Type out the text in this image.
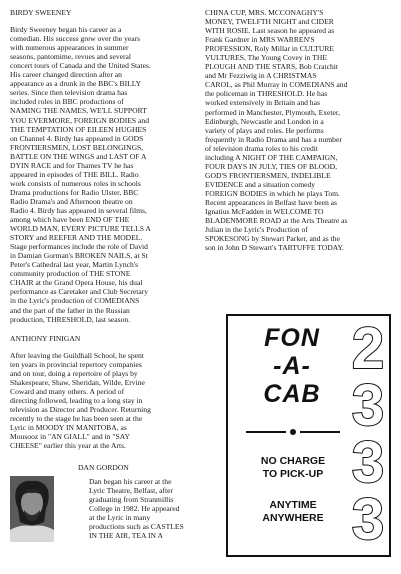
BIRDY SWEENEY

Birdy Sweeney began his career as a

comedian. His success grew over the years

with numerous appearances in summer

seasons, pantomime, revues and several

concert tours of Canada and the United States.

His career changed direction after an

appearance as a drunk in the BBC's BILLY

series. Since then television drama has

included roles in BBC productions of

NAMING THE NAMES, WE'LL SUPPORT

YOU EVERMORE, FOREIGN BODIES and

THE TEMPTATION OF EILEEN HUGHES

on Channel 4. Birdy has appeared in GODS

FRONTIERSMEN, LOST BELONGINGS,

BATTLE ON THE WINGS and LAST OF A

DYIN RACE and for Thames TV he has

appeared in episodes of THE BILL. Radio

work consists of numerous roles in schools

Drama productions for Radio Ulster, BBC

Radio Drama's and Afternoon theatre on

Radio 4. Birdy has appeared in several films,

among which have been END OF THE

WORLD MAN, EVERY PICTURE TELLS A

STORY and REEFER AND THE MODEL.

Stage performances include the role of David

in Damian Gorman's BROKEN NAILS, at St

Peter's Cathedral last year, Martin Lynch's

community production of THE STONE

CHAIR at the Grand Opera House, his dual

performance as Caretaker and Club Secretary

in the Lyric's production of COMEDIANS

and the part of the father in the Russian

production, THRESHOLD, last season.

ANTHONY FINIGAN

After leaving the Guildhall School, he spent

ten years in provincial repertory companies

and on tour, doing a repertoire of plays by

Shakespeare, Shaw, Sheridan, Wilde, Ervine

Coward and many others. A period of

directing followed, leading to a long stay in

television as Director and Producer. Returning

recently to the stage he has been seen at the

Lyric in MOODY IN MANITOBA, as

Mousooz in "AN GIALL" and in "SAY

CHEESE" earlier this year at the Arts.

DAN GORDON

Dan began his career at the

Lyric Theatre, Belfast, after

graduating from Stranmillis

College in 1982. He appeared

at the Lyric in many

productions such as CASTLES

IN THE AIR, TEA IN A

CHINA CUP, MRS. MCCONAGHY'S

MONEY, TWELFTH NIGHT and CIDER

WITH ROSIE. Last season he appeared as

Frank Gardner in MRS WARREN'S

PROFESSION, Roly Millar in CULTURE

VULTURES, The Young Covey in THE

PLOUGH AND THE STARS, Bob Cratchit

and Mr Fezziwig in A CHRISTMAS

CAROL, as Phil Murray in COMEDIANS and

the policeman in THRESHOLD. He has

worked extensively in Britain and has

performed in Manchester, Plymouth, Exeter,

Edinburgh, Newcastle and London in a

variety of plays and roles. He performs

frequently in Radio Drama and has a number

of television drama roles to his credit

including A NIGHT OF THE CAMPAIGN,

FOUR DAYS IN JULY, TIES OF BLOOD,

GOD'S FRONTIERSMEN, INDELIBLE

EVIDENCE and a situation comedy

FOREIGN BODIES in which he plays Tom.

Recent appearances in Belfast have been as

Ignatius McFadden in WELCOME TO

BLADENMORE ROAD at the Arts Theatre as

Julian in the Lyric's Production of

SPOKESONG by Stewart Parker, and as the

son in John D Stewart's TARTUFFE TODAY.

FON
-A-
CAB
NO CHARGE
TO PICK-UP
ANYTIME
ANYWHERE
2
3
3
3
